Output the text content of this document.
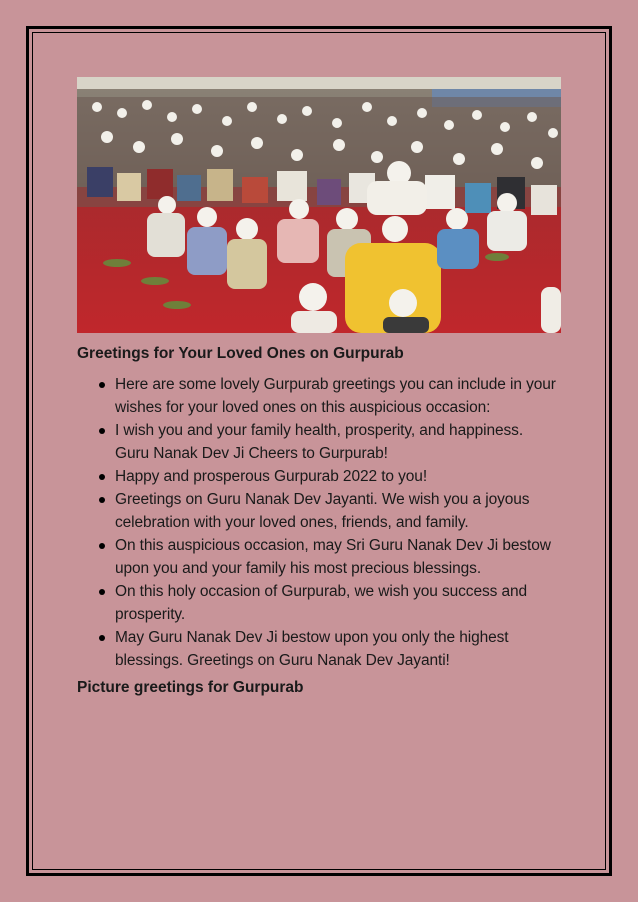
Greetings for Your Loved Ones on Gurpurab
Here are some lovely Gurpurab greetings you can include in your wishes for your loved ones on this auspicious occasion:
I wish you and your family health, prosperity, and happiness. Guru Nanak Dev Ji Cheers to Gurpurab!
Happy and prosperous Gurpurab 2022 to you!
Greetings on Guru Nanak Dev Jayanti. We wish you a joyous celebration with your loved ones, friends, and family.
On this auspicious occasion, may Sri Guru Nanak Dev Ji bestow upon you and your family his most precious blessings.
On this holy occasion of Gurpurab, we wish you success and prosperity.
May Guru Nanak Dev Ji bestow upon you only the highest blessings. Greetings on Guru Nanak Dev Jayanti!
Picture greetings for Gurpurab
